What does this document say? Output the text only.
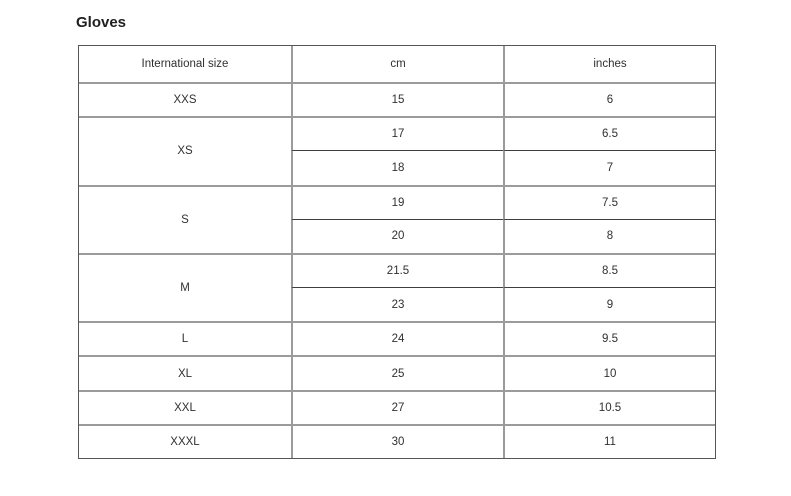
Gloves
International size	cm	inches
XXS	15	6
XS
17	6.5
18	7
S
19	7.5
20	8
M
21.5	8.5
23	9
L	24	9.5
XL	25	10
XXL	27	10.5
XXXL	30	11
